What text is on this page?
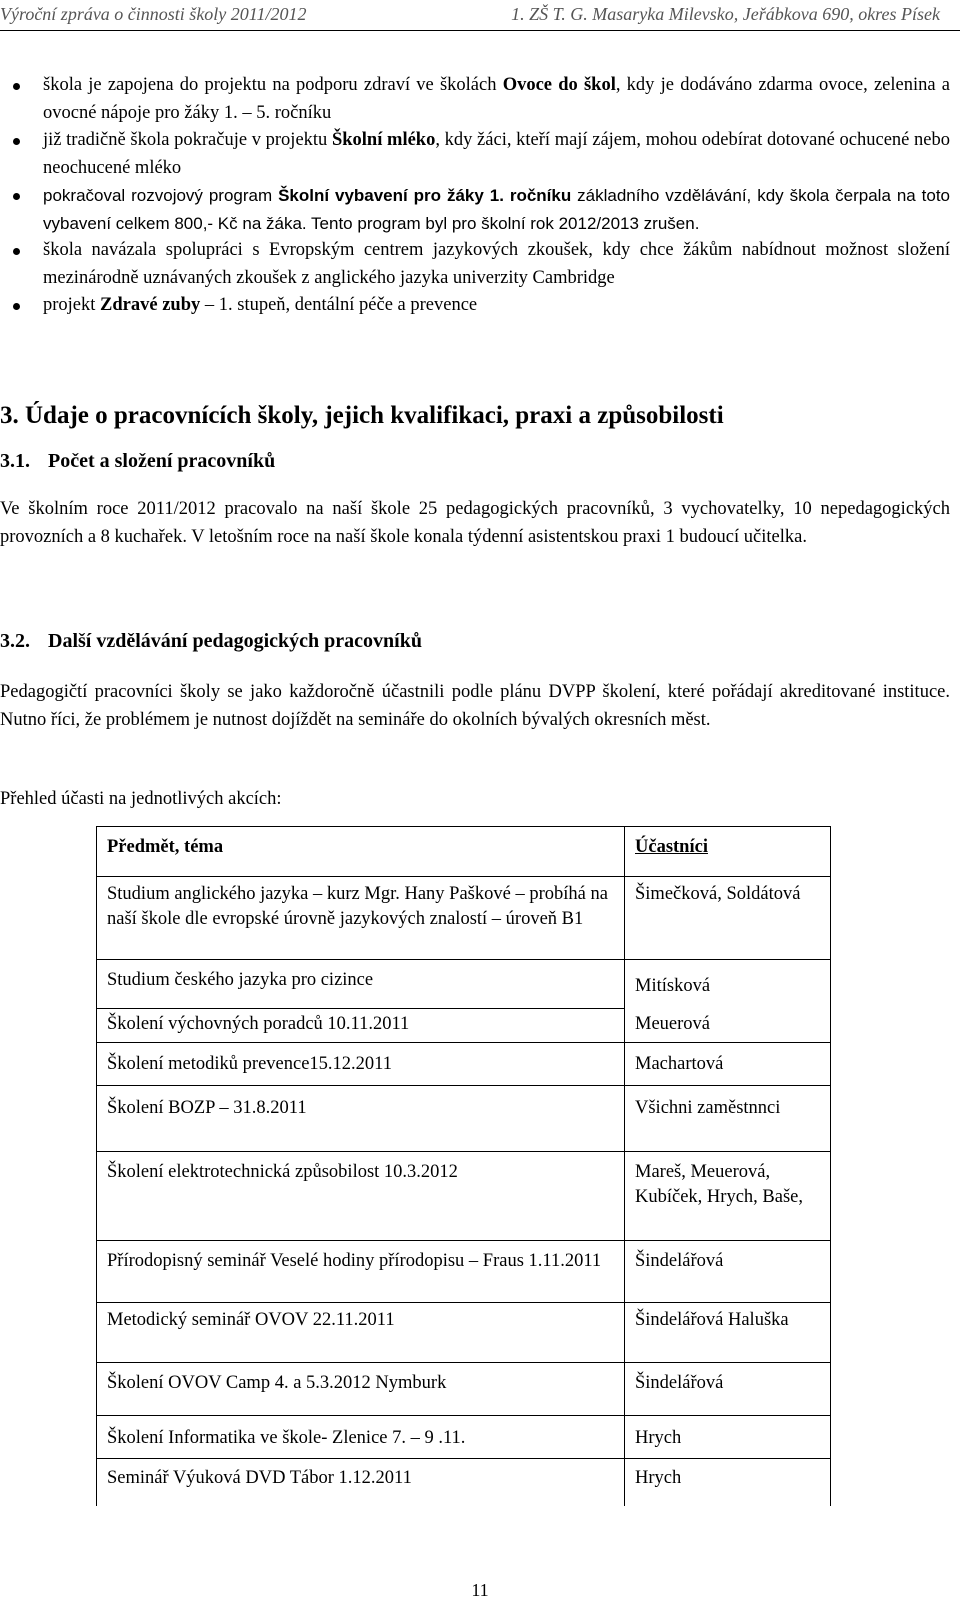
Výroční zpráva o činnosti školy 2011/2012	1. ZŠ T. G. Masaryka Milevsko, Jeřábkova 690, okres Písek
škola je zapojena do projektu na podporu zdraví ve školách Ovoce do škol, kdy je dodáváno zdarma ovoce, zelenina a ovocné nápoje pro žáky 1. – 5. ročníku
již tradičně škola pokračuje v projektu Školní mléko, kdy žáci, kteří mají zájem, mohou odebírat dotované ochucené nebo neochucené mléko
pokračoval rozvojový program Školní vybavení pro žáky 1. ročníku základního vzdělávání, kdy škola čerpala na toto vybavení celkem 800,- Kč na žáka. Tento program byl pro školní rok 2012/2013 zrušen.
škola navázala spolupráci s Evropským centrem jazykových zkoušek, kdy chce žákům nabídnout možnost složení mezinárodně uznávaných zkoušek z anglického jazyka univerzity Cambridge
projekt Zdravé zuby – 1. stupeň, dentální péče a prevence
3. Údaje o pracovnících školy, jejich kvalifikaci, praxi a způsobilosti
3.1. Počet a složení pracovníků
Ve školním roce 2011/2012 pracovalo na naší škole 25 pedagogických pracovníků, 3 vychovatelky, 10 nepedagogických provozních a 8 kuchařek. V letošním roce na naší škole konala týdenní asistentskou praxi 1 budoucí učitelka.
3.2. Další vzdělávání pedagogických pracovníků
Pedagogičtí pracovníci školy se jako každoročně účastnili podle plánu DVPP školení, které pořádají akreditované instituce. Nutno říci, že problémem je nutnost dojíždět na semináře do okolních bývalých okresních měst.
Přehled účasti na jednotlivých akcích:
Předmět, téma	Účastníci
Studium anglického jazyka – kurz Mgr. Hany Paškové – probíhá na naší škole dle evropské úrovně jazykových znalostí – úroveň B1	Šimečková, Soldátová
Studium českého jazyka pro cizince	Mitísková
Školení výchovných poradců 10.11.2011	Meuerová
Školení metodiků prevence15.12.2011	Machartová
Školení BOZP – 31.8.2011	Všichni zaměstnnci
Školení elektrotechnická způsobilost 10.3.2012	Mareš, Meuerová, Kubíček, Hrych, Baše,
Přírodopisný seminář Veselé hodiny přírodopisu – Fraus 1.11.2011	Šindelářová
Metodický seminář OVOV 22.11.2011	Šindelářová Haluška
Školení OVOV Camp 4. a 5.3.2012 Nymburk	Šindelářová
Školení Informatika ve škole- Zlenice 7. – 9 .11.	Hrych
Seminář Výuková DVD Tábor 1.12.2011	Hrych
11
